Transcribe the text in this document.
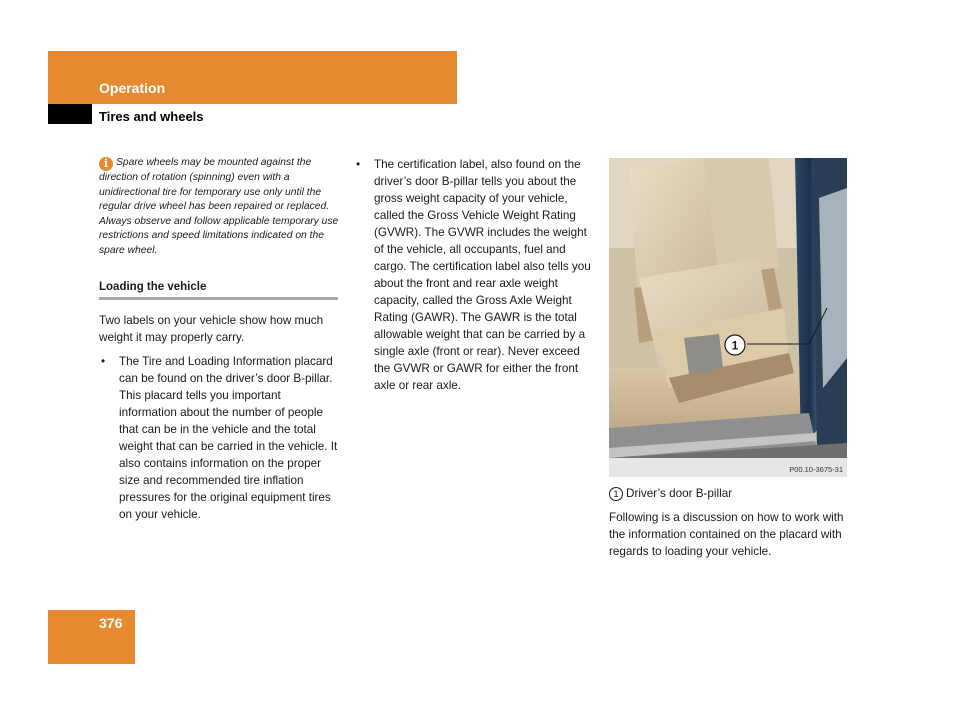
Operation
Tires and wheels
i Spare wheels may be mounted against the direction of rotation (spinning) even with a unidirectional tire for temporary use only until the regular drive wheel has been repaired or replaced. Always observe and follow applicable temporary use restrictions and speed limitations indicated on the spare wheel.
Loading the vehicle
Two labels on your vehicle show how much weight it may properly carry.
• The Tire and Loading Information placard can be found on the driver’s door B-pillar. This placard tells you important information about the number of people that can be in the vehicle and the total weight that can be carried in the vehicle. It also contains information on the proper size and recommended tire inflation pressures for the original equipment tires on your vehicle.
• The certification label, also found on the driver’s door B-pillar tells you about the gross weight capacity of your vehicle, called the Gross Vehicle Weight Rating (GVWR). The GVWR includes the weight of the vehicle, all occupants, fuel and cargo. The certification label also tells you about the front and rear axle weight capacity, called the Gross Axle Weight Rating (GAWR). The GAWR is the total allowable weight that can be carried by a single axle (front or rear). Never exceed the GVWR or GAWR for either the front axle or rear axle.
1
P00.10-3675-31
1 Driver’s door B-pillar
Following is a discussion on how to work with the information contained on the placard with regards to loading your vehicle.
376
